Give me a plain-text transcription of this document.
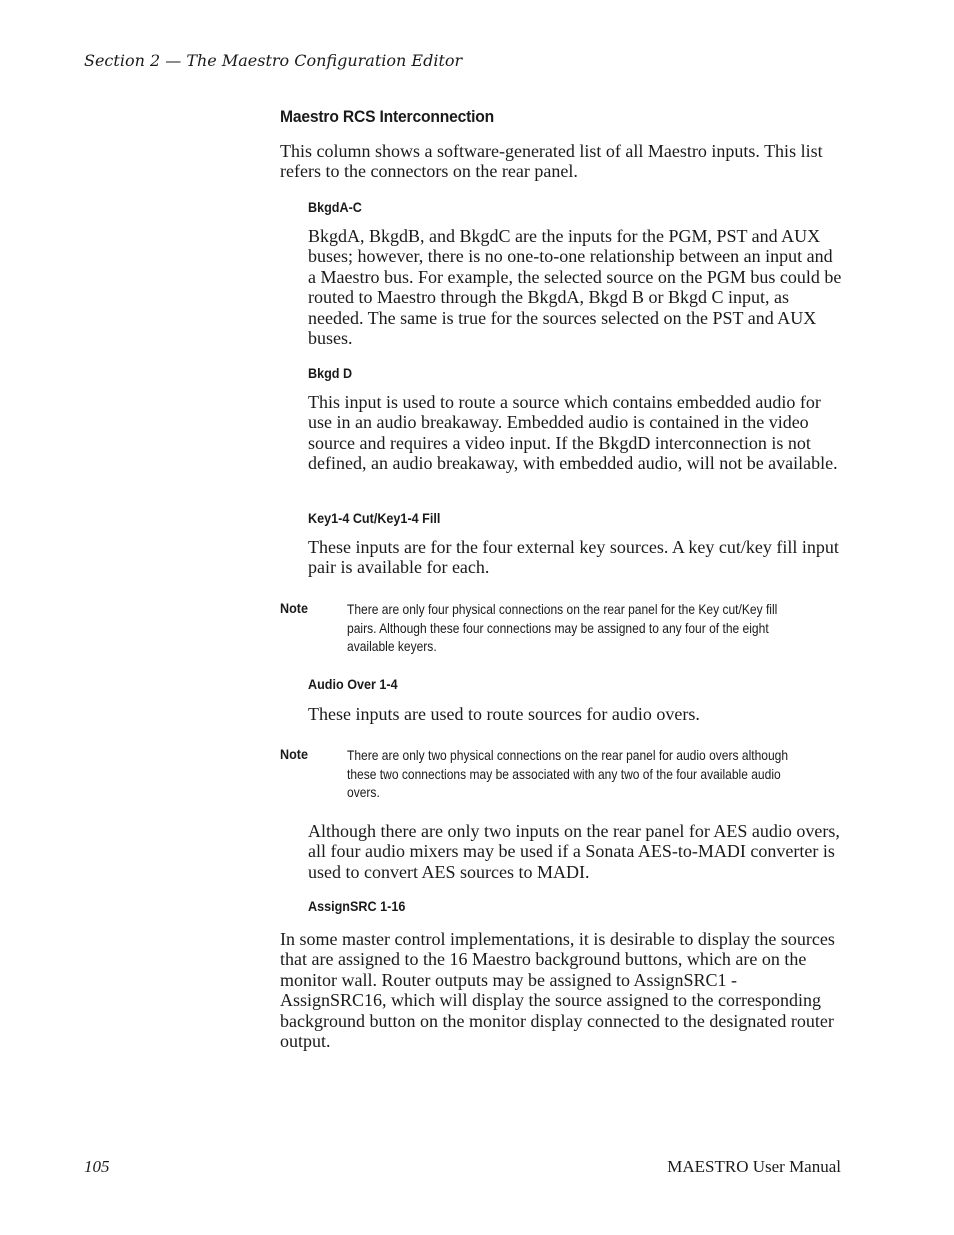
Section 2 — The Maestro Configuration Editor
Maestro RCS Interconnection

This column shows a software-generated list of all Maestro inputs. This list refers to the connectors on the rear panel.

BkgdA-C

BkgdA, BkgdB, and BkgdC are the inputs for the PGM, PST and AUX buses; however, there is no one-to-one relationship between an input and a Maestro bus. For example, the selected source on the PGM bus could be routed to Maestro through the BkgdA, Bkgd B or Bkgd C input, as needed. The same is true for the sources selected on the PST and AUX buses.

Bkgd D

This input is used to route a source which contains embedded audio for use in an audio breakaway. Embedded audio is contained in the video source and requires a video input. If the BkgdD interconnection is not defined, an audio breakaway, with embedded audio, will not be available.

Key1-4 Cut/Key1-4 Fill

These inputs are for the four external key sources. A key cut/key fill input pair is available for each.

Note	There are only four physical connections on the rear panel for the Key cut/Key fill pairs. Although these four connections may be assigned to any four of the eight available keyers.

Audio Over 1-4

These inputs are used to route sources for audio overs.

Note	There are only two physical connections on the rear panel for audio overs although these two connections may be associated with any two of the four available audio overs.

Although there are only two inputs on the rear panel for AES audio overs, all four audio mixers may be used if a Sonata AES-to-MADI converter is used to convert AES sources to MADI.

AssignSRC 1-16

In some master control implementations, it is desirable to display the sources that are assigned to the 16 Maestro background buttons, which are on the monitor wall. Router outputs may be assigned to AssignSRC1 - AssignSRC16, which will display the source assigned to the corresponding background button on the monitor display connected to the designated router output.

105	MAESTRO User Manual
